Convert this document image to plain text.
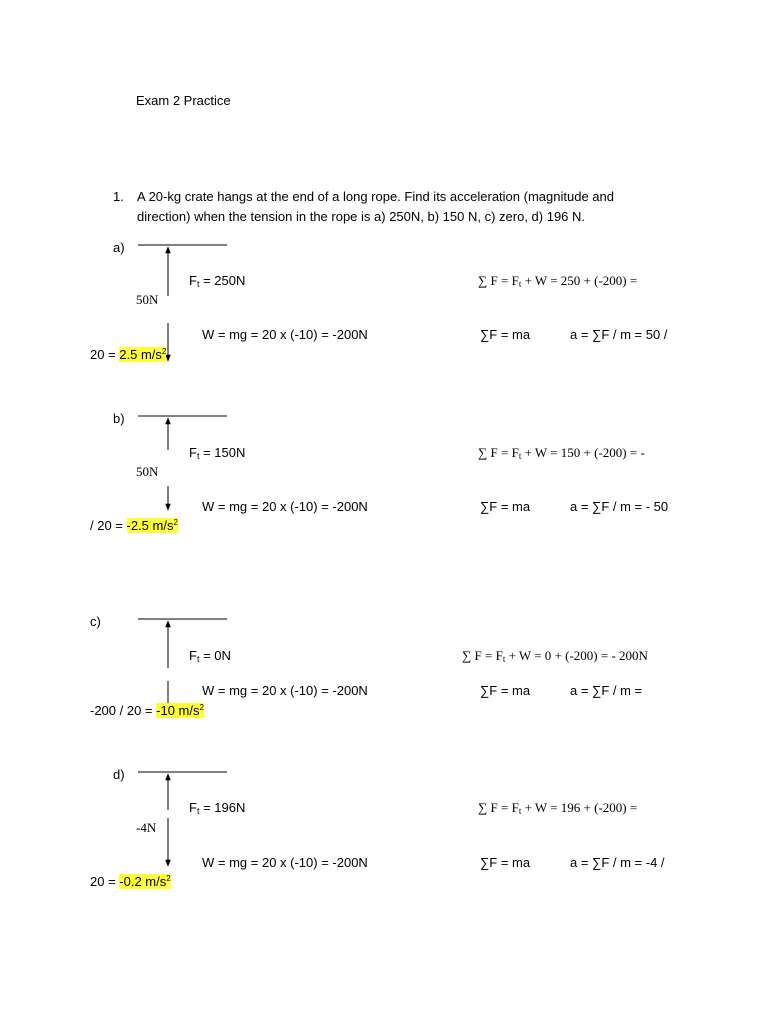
Exam 2 Practice
1. A 20-kg crate hangs at the end of a long rope. Find its acceleration (magnitude and
direction) when the tension in the rope is a) 250N, b) 150 N, c) zero, d) 196 N.
a)
$F_t = 250N$	∑ $F = F_t + W = 250 + (-200)$ =
50N
W = mg = 20 x (-10) = -200N	∑F = ma	a = ∑F / m = 50 /
20 = 2.5 $m/s^2$
b)
$F_t = 150N$	∑ $F = F_t + W = 150 + (-200)$ = -
50N
W = mg = 20 x (-10) = -200N	∑F = ma	a = ∑F / m = - 50
/ 20 = -2.5 $m/s^2$
c)
$F_t = 0N$	∑ $F = F_t + W = 0 + (-200)$ = - 200N
W = mg = 20 x (-10) = -200N	∑F = ma	a = ∑F / m =
-200 / 20 = -10 $m/s^2$
d)
$F_t = 196N$	∑ $F = F_t + W = 196 + (-200)$ =
-4N
W = mg = 20 x (-10) = -200N	∑F = ma	a = ∑F / m = -4 /
20 = -0.2 $m/s^2$
